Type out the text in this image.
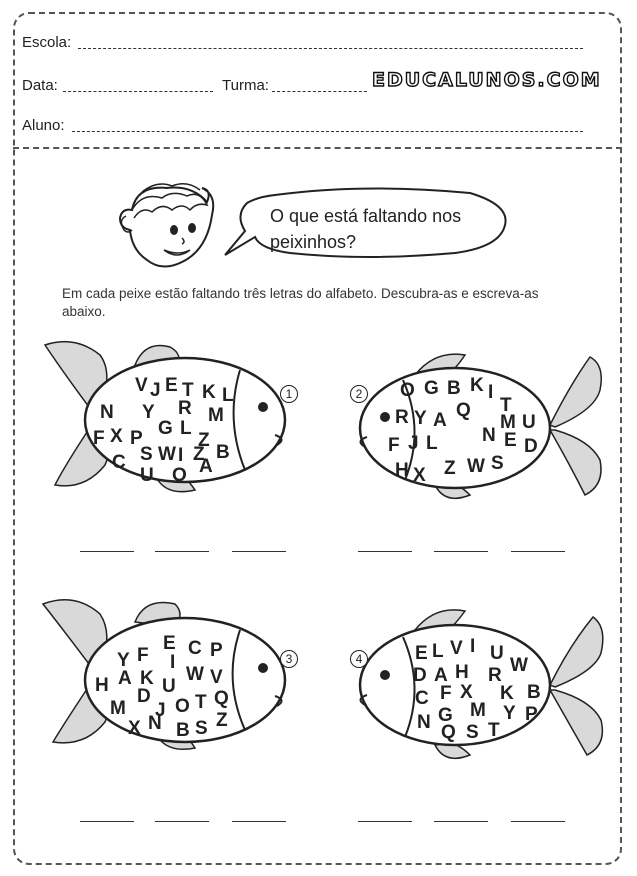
Escola:
Data:	Turma:	EDUCALUNOS.COM
Aluno:
O que está faltando nos
peixinhos?
Em cada peixe estão faltando três letras do alfabeto. Descubra-as e escreva-as abaixo.
1
V J E T K L
N Y R M
F X P G L
Z
C S W I Z B
U O A
2 O G B K I
T
R Y A Q
M U
F J L N E D
H X Z W S
3
E C P
Y F I
H A K W V
U
M
D
J O T Q
X N B S Z
4	E L V I U
W
D A H R
C F X K B
G M Y P
N Q S T
